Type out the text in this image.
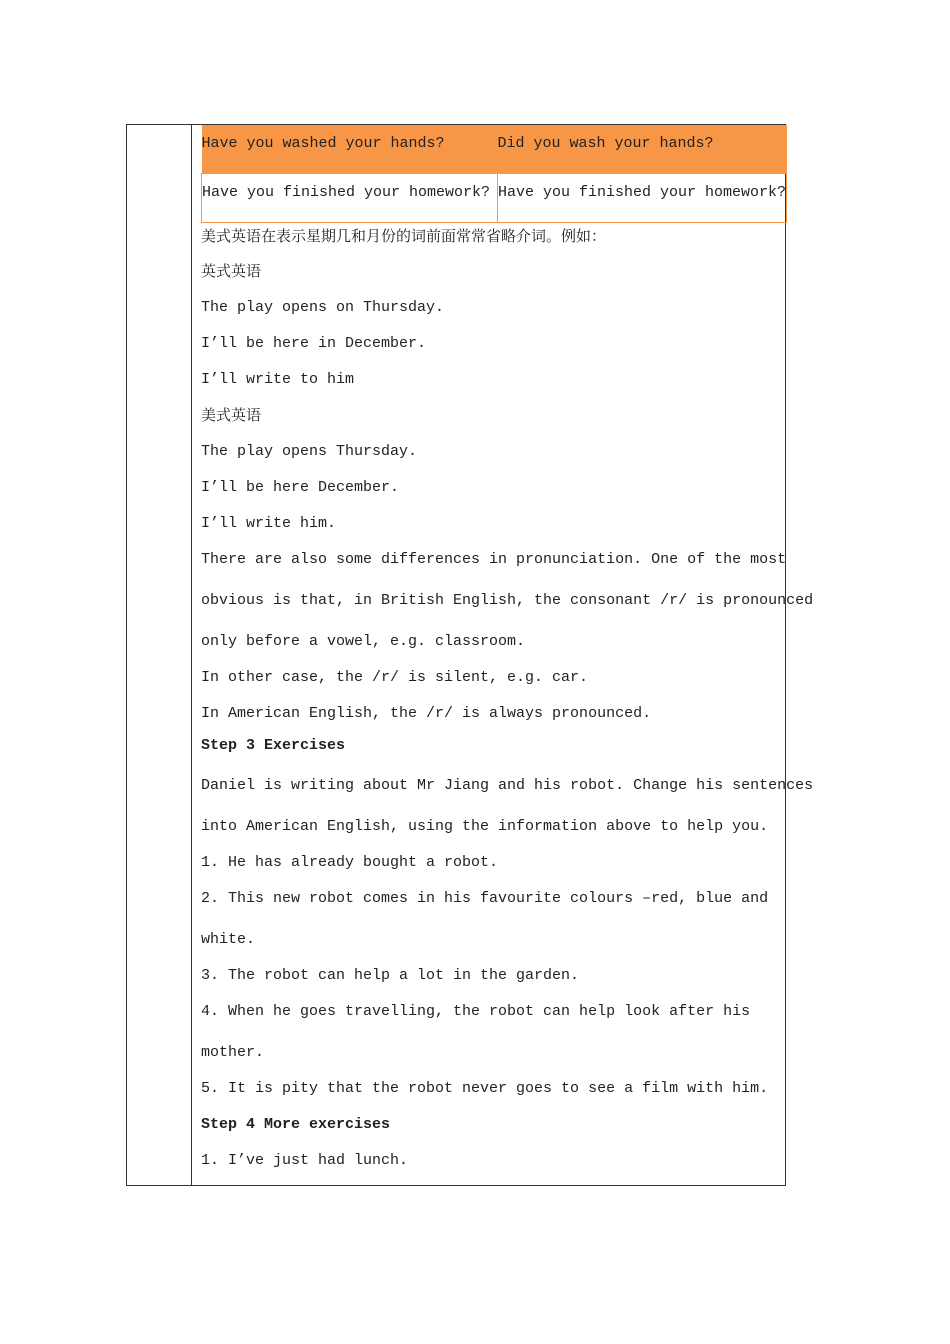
Have you washed your hands?	Did you wash your hands?
Have you finished your homework?	Have you finished your homework?
美式英语在表示星期几和月份的词前面常常省略介词。例如：
英式英语
The play opens on Thursday.
I’ll be here in December.
I’ll write to him
美式英语
The play opens Thursday.
I’ll be here December.
I’ll write him.
There are also some differences in pronunciation. One of the most
obvious is that, in British English, the consonant /r/ is pronounced
only before a vowel, e.g. classroom.
In other case, the /r/ is silent, e.g. car.
In American English, the /r/ is always pronounced.
Step 3 Exercises
Daniel is writing about Mr Jiang and his robot. Change his sentences
into American English, using the information above to help you.
1. He has already bought a robot.
2. This new robot comes in his favourite colours –red, blue and
white.
3. The robot can help a lot in the garden.
4. When he goes travelling, the robot can help look after his
mother.
5. It is pity that the robot never goes to see a film with him.
Step 4 More exercises
1. I’ve just had lunch.
